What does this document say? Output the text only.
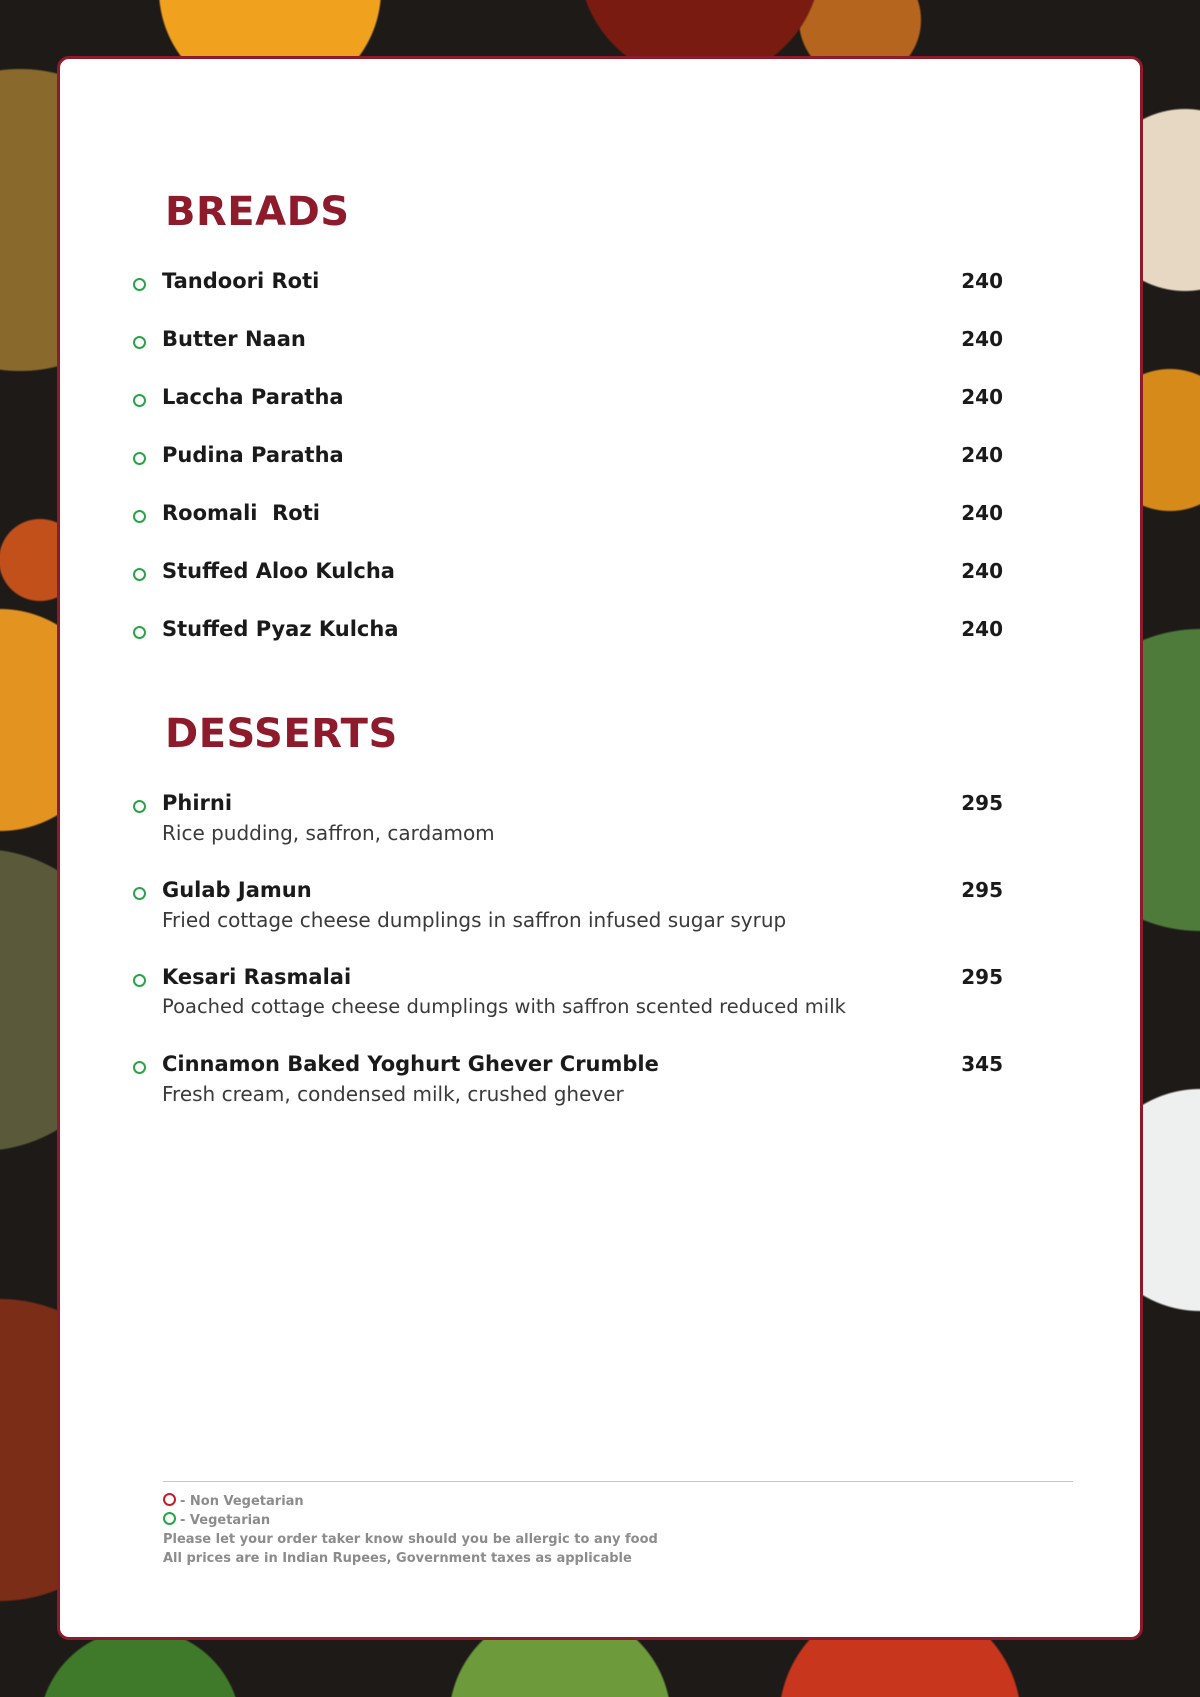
BREADS
Tandoori Roti	240
Butter Naan	240
Laccha Paratha	240
Pudina Paratha	240
Roomali  Roti	240
Stuffed Aloo Kulcha	240
Stuffed Pyaz Kulcha	240
DESSERTS
Phirni	295
Rice pudding, saffron, cardamom
Gulab Jamun	295
Fried cottage cheese dumplings in saffron infused sugar syrup
Kesari Rasmalai	295
Poached cottage cheese dumplings with saffron scented reduced milk
Cinnamon Baked Yoghurt Ghever Crumble	345
Fresh cream, condensed milk, crushed ghever
- Non Vegetarian
- Vegetarian
Please let your order taker know should you be allergic to any food
All prices are in Indian Rupees, Government taxes as applicable
